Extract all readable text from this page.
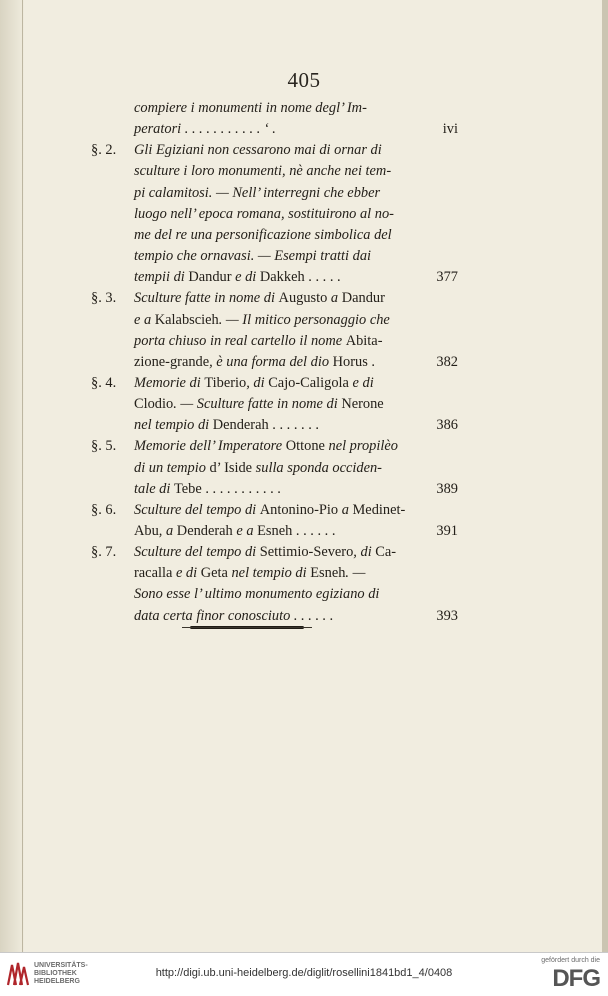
405
compiere i monumenti in nome degl’ Im-
peratori . . . . . . . . . . . ‘ .	ivi
§. 2. Gli Egiziani non cessarono mai di ornar di
sculture i loro monumenti, nè anche nei tem-
pi calamitosi. — Nell’ interregni che ebber
luogo nell’ epoca romana, sostituirono al no-
me del re una personificazione simbolica del
tempio che ornavasi. — Esempi tratti dai
tempii di Dandur e di Dakkeh . . . . .	377
§. 3. Sculture fatte in nome di Augusto a Dandur
e a Kalabscieh. — Il mitico personaggio che
porta chiuso in real cartello il nome Abita-
zione-grande, è una forma del dio Horus .	382
§. 4. Memorie di Tiberio, di Cajo-Caligola e di
Clodio. — Sculture fatte in nome di Nerone
nel tempio di Denderah . . . . . . .	386
§. 5. Memorie dell’ Imperatore Ottone nel propilèo
di un tempio d’ Iside sulla sponda occiden-
tale di Tebe . . . . . . . . . . .	389
§. 6. Sculture del tempo di Antonino-Pio a Medinet-
Abu, a Denderah e a Esneh . . . . . .	391
§. 7. Sculture del tempo di Settimio-Severo, di Ca-
racalla e di Geta nel tempio di Esneh. —
Sono esse l’ ultimo monumento egiziano di
data certa finor conosciuto . . . . . .	393
UNIVERSITÄTS-
BIBLIOTHEK
HEIDELBERG
http://digi.ub.uni-heidelberg.de/diglit/rosellini1841bd1_4/0408
gefördert durch die
DFG
